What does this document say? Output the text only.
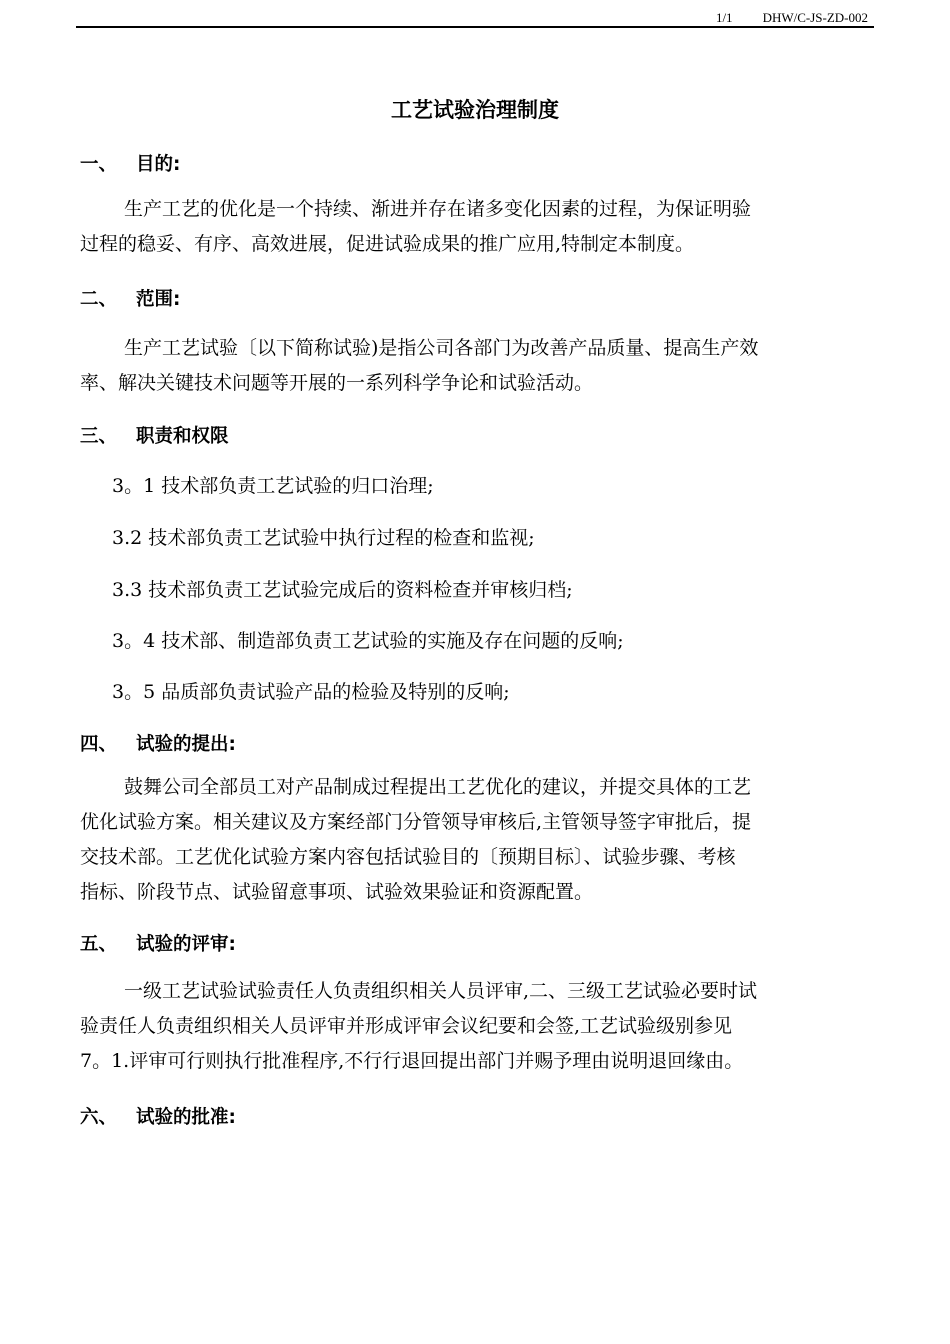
1/1 DHW/C-JS-ZD-002
工艺试验治理制度
一、 目的:
生产工艺的优化是一个持续、渐进并存在诸多变化因素的过程，为保证明验
过程的稳妥、有序、高效进展，促进试验成果的推广应用,特制定本制度。
二、 范围:
生产工艺试验〔以下简称试验)是指公司各部门为改善产品质量、提高生产效
率、解决关键技术问题等开展的一系列科学争论和试验活动。
三、 职责和权限
3。1 技术部负责工艺试验的归口治理;
3.2 技术部负责工艺试验中执行过程的检查和监视;
3.3 技术部负责工艺试验完成后的资料检查并审核归档;
3。4 技术部、制造部负责工艺试验的实施及存在问题的反响;
3。5 品质部负责试验产品的检验及特别的反响;
四、 试验的提出:
鼓舞公司全部员工对产品制成过程提出工艺优化的建议，并提交具体的工艺
优化试验方案。相关建议及方案经部门分管领导审核后,主管领导签字审批后，提
交技术部。工艺优化试验方案内容包括试验目的〔预期目标〕、试验步骤、考核
指标、阶段节点、试验留意事项、试验效果验证和资源配置。
五、 试验的评审:
一级工艺试验试验责任人负责组织相关人员评审,二、三级工艺试验必要时试
验责任人负责组织相关人员评审并形成评审会议纪要和会签,工艺试验级别参见
7。1.评审可行则执行批准程序,不行行退回提出部门并赐予理由说明退回缘由。
六、 试验的批准:
